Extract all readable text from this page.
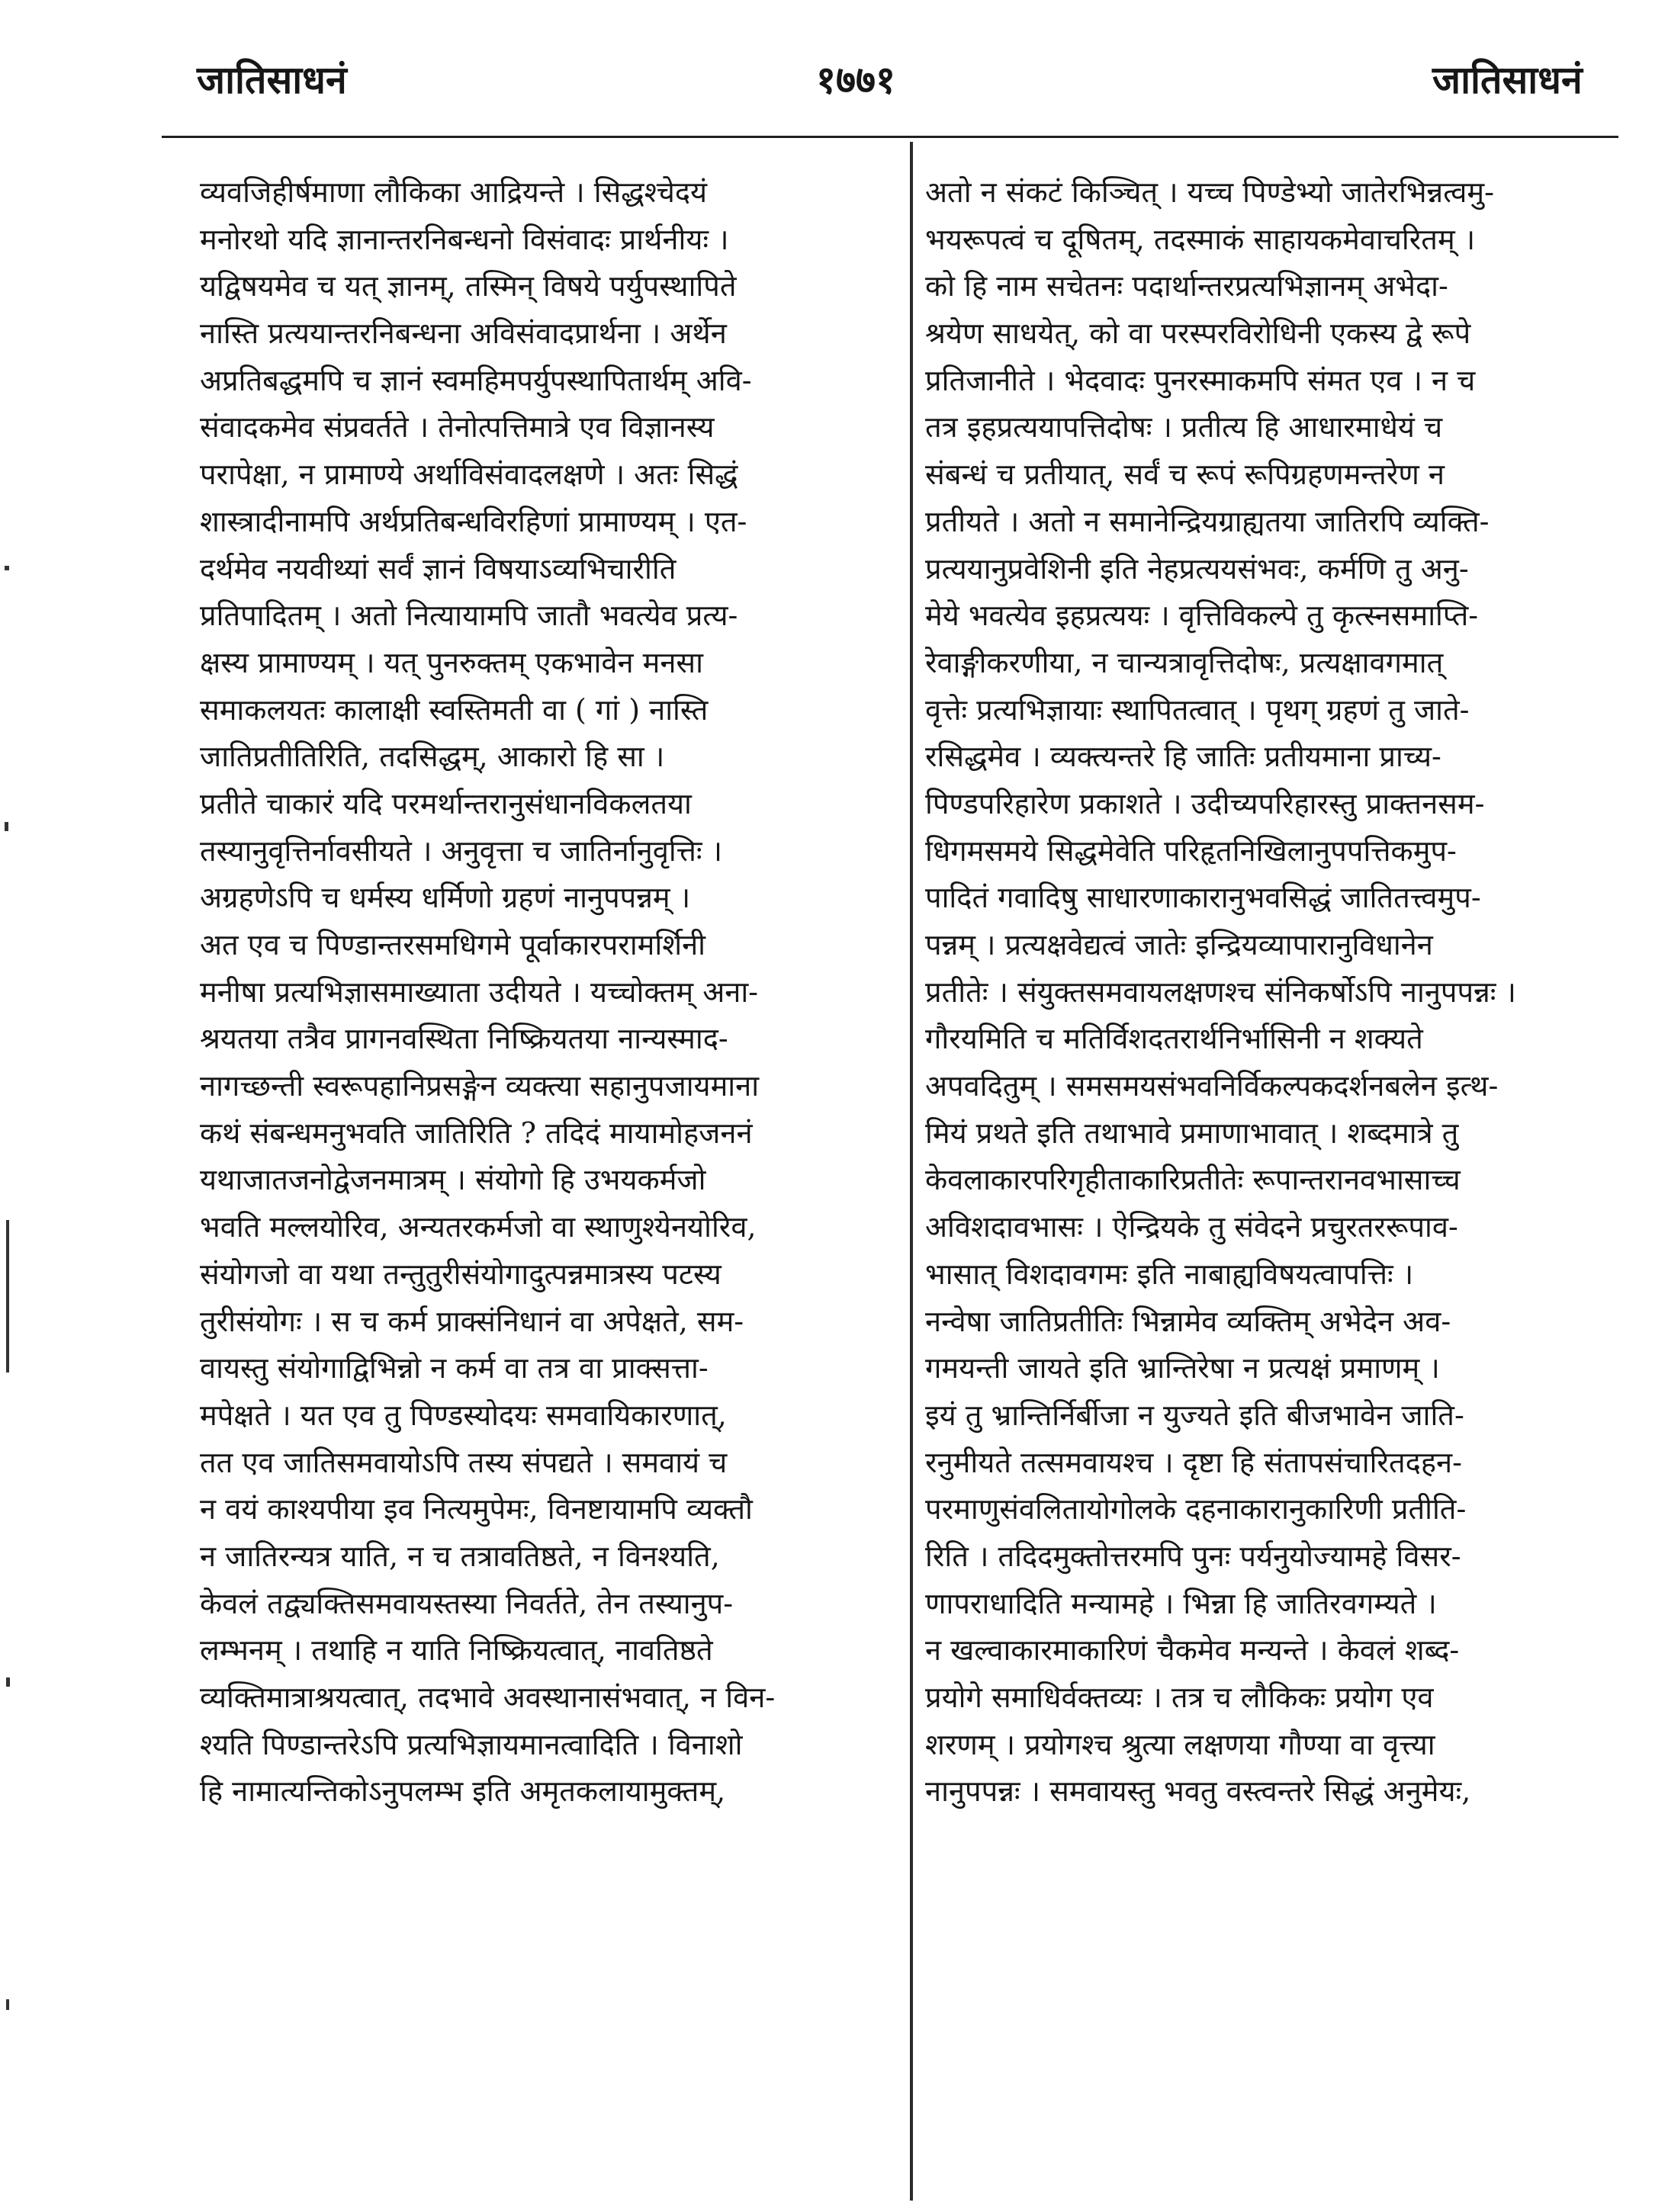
जातिसाधनं	१७७१	जातिसाधनं
व्यवजिहीर्षमाणा लौकिका आद्रियन्ते । सिद्धश्चेदयं
मनोरथो यदि ज्ञानान्तरनिबन्धनो विसंवादः प्रार्थनीयः ।
यद्विषयमेव च यत् ज्ञानम्, तस्मिन् विषये पर्युपस्थापिते
नास्ति प्रत्ययान्तरनिबन्धना अविसंवादप्रार्थना । अर्थेन
अप्रतिबद्धमपि च ज्ञानं स्वमहिमपर्युपस्थापितार्थम् अवि-
संवादकमेव संप्रवर्तते । तेनोत्पत्तिमात्रे एव विज्ञानस्य
परापेक्षा, न प्रामाण्ये अर्थाविसंवादलक्षणे । अतः सिद्धं
शास्त्रादीनामपि अर्थप्रतिबन्धविरहिणां प्रामाण्यम् । एत-
दर्थमेव नयवीथ्यां सर्वं ज्ञानं विषयाऽव्यभिचारीति
प्रतिपादितम् । अतो नित्यायामपि जातौ भवत्येव प्रत्य-
क्षस्य प्रामाण्यम् । यत् पुनरुक्तम् एकभावेन मनसा
समाकलयतः कालाक्षी स्वस्तिमती वा ( गां ) नास्ति
जातिप्रतीतिरिति, तदसिद्धम्, आकारो हि सा ।
प्रतीते चाकारं यदि परमर्थान्तरानुसंधानविकलतया
तस्यानुवृत्तिर्नावसीयते । अनुवृत्ता च जातिर्नानुवृत्तिः ।
अग्रहणेऽपि च धर्मस्य धर्मिणो ग्रहणं नानुपपन्नम् ।
अत एव च पिण्डान्तरसमधिगमे पूर्वाकारपरामर्शिनी
मनीषा प्रत्यभिज्ञासमाख्याता उदीयते । यच्चोक्तम् अना-
श्रयतया तत्रैव प्रागनवस्थिता निष्क्रियतया नान्यस्माद-
नागच्छन्ती स्वरूपहानिप्रसङ्गेन व्यक्त्या सहानुपजायमाना
कथं संबन्धमनुभवति जातिरिति ? तदिदं मायामोहजननं
यथाजातजनोद्वेजनमात्रम् । संयोगो हि उभयकर्मजो
भवति मल्लयोरिव, अन्यतरकर्मजो वा स्थाणुश्येनयोरिव,
संयोगजो वा यथा तन्तुतुरीसंयोगादुत्पन्नमात्रस्य पटस्य
तुरीसंयोगः । स च कर्म प्राक्संनिधानं वा अपेक्षते, सम-
वायस्तु संयोगाद्विभिन्नो न कर्म वा तत्र वा प्राक्सत्ता-
मपेक्षते । यत एव तु पिण्डस्योदयः समवायिकारणात्,
तत एव जातिसमवायोऽपि तस्य संपद्यते । समवायं च
न वयं काश्यपीया इव नित्यमुपेमः, विनष्टायामपि व्यक्तौ
न जातिरन्यत्र याति, न च तत्रावतिष्ठते, न विनश्यति,
केवलं तद्व्यक्तिसमवायस्तस्या निवर्तते, तेन तस्यानुप-
लम्भनम् । तथाहि न याति निष्क्रियत्वात्, नावतिष्ठते
व्यक्तिमात्राश्रयत्वात्, तदभावे अवस्थानासंभवात्, न विन-
श्यति पिण्डान्तरेऽपि प्रत्यभिज्ञायमानत्वादिति । विनाशो
हि नामात्यन्तिकोऽनुपलम्भ इति अमृतकलायामुक्तम्,
अतो न संकटं किञ्चित् । यच्च पिण्डेभ्यो जातेरभिन्नत्वमु-
भयरूपत्वं च दूषितम्, तदस्माकं साहायकमेवाचरितम् ।
को हि नाम सचेतनः पदार्थान्तरप्रत्यभिज्ञानम् अभेदा-
श्रयेण साधयेत्, को वा परस्परविरोधिनी एकस्य द्वे रूपे
प्रतिजानीते । भेदवादः पुनरस्माकमपि संमत एव । न च
तत्र इहप्रत्ययापत्तिदोषः । प्रतीत्य हि आधारमाधेयं च
संबन्धं च प्रतीयात्, सर्वं च रूपं रूपिग्रहणमन्तरेण न
प्रतीयते । अतो न समानेन्द्रियग्राह्यतया जातिरपि व्यक्ति-
प्रत्ययानुप्रवेशिनी इति नेहप्रत्ययसंभवः, कर्मणि तु अनु-
मेये भवत्येव इहप्रत्ययः । वृत्तिविकल्पे तु कृत्स्नसमाप्ति-
रेवाङ्गीकरणीया, न चान्यत्रावृत्तिदोषः, प्रत्यक्षावगमात्
वृत्तेः प्रत्यभिज्ञायाः स्थापितत्वात् । पृथग् ग्रहणं तु जाते-
रसिद्धमेव । व्यक्त्यन्तरे हि जातिः प्रतीयमाना प्राच्य-
पिण्डपरिहारेण प्रकाशते । उदीच्यपरिहारस्तु प्राक्तनसम-
धिगमसमये सिद्धमेवेति परिहृतनिखिलानुपपत्तिकमुप-
पादितं गवादिषु साधारणाकारानुभवसिद्धं जातितत्त्वमुप-
पन्नम् । प्रत्यक्षवेद्यत्वं जातेः इन्द्रियव्यापारानुविधानेन
प्रतीतेः । संयुक्तसमवायलक्षणश्च संनिकर्षोऽपि नानुपपन्नः ।
गौरयमिति च मतिर्विशदतरार्थनिर्भासिनी न शक्यते
अपवदितुम् । समसमयसंभवनिर्विकल्पकदर्शनबलेन इत्थ-
मियं प्रथते इति तथाभावे प्रमाणाभावात् । शब्दमात्रे तु
केवलाकारपरिगृहीताकारिप्रतीतेः रूपान्तरानवभासाच्च
अविशदावभासः । ऐन्द्रियके तु संवेदने प्रचुरतररूपाव-
भासात् विशदावगमः इति नाबाह्यविषयत्वापत्तिः ।
नन्वेषा जातिप्रतीतिः भिन्नामेव व्यक्तिम् अभेदेन अव-
गमयन्ती जायते इति भ्रान्तिरेषा न प्रत्यक्षं प्रमाणम् ।
इयं तु भ्रान्तिर्निर्बीजा न युज्यते इति बीजभावेन जाति-
रनुमीयते तत्समवायश्च । दृष्टा हि संतापसंचारितदहन-
परमाणुसंवलितायोगोलके दहनाकारानुकारिणी प्रतीति-
रिति । तदिदमुक्तोत्तरमपि पुनः पर्यनुयोज्यामहे विसर-
णापराधादिति मन्यामहे । भिन्ना हि जातिरवगम्यते ।
न खल्वाकारमाकारिणं चैकमेव मन्यन्ते । केवलं शब्द-
प्रयोगे समाधिर्वक्तव्यः । तत्र च लौकिकः प्रयोग एव
शरणम् । प्रयोगश्च श्रुत्या लक्षणया गौण्या वा वृत्त्या
नानुपपन्नः । समवायस्तु भवतु वस्त्वन्तरे सिद्धं अनुमेयः,
